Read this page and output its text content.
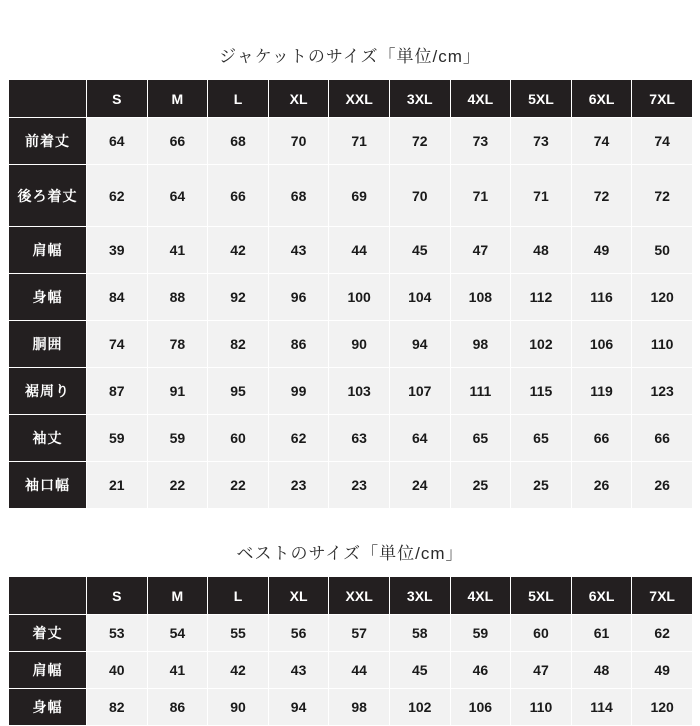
ジャケットのサイズ「単位/cm」
	S	M	L	XL	XXL	3XL	4XL	5XL	6XL	7XL
前着丈	64	66	68	70	71	72	73	73	74	74
後ろ着丈	62	64	66	68	69	70	71	71	72	72
肩幅	39	41	42	43	44	45	47	48	49	50
身幅	84	88	92	96	100	104	108	112	116	120
胴囲	74	78	82	86	90	94	98	102	106	110
裾周り	87	91	95	99	103	107	111	115	119	123
袖丈	59	59	60	62	63	64	65	65	66	66
袖口幅	21	22	22	23	23	24	25	25	26	26
ベストのサイズ「単位/cm」
	S	M	L	XL	XXL	3XL	4XL	5XL	6XL	7XL
着丈	53	54	55	56	57	58	59	60	61	62
肩幅	40	41	42	43	44	45	46	47	48	49
身幅	82	86	90	94	98	102	106	110	114	120
